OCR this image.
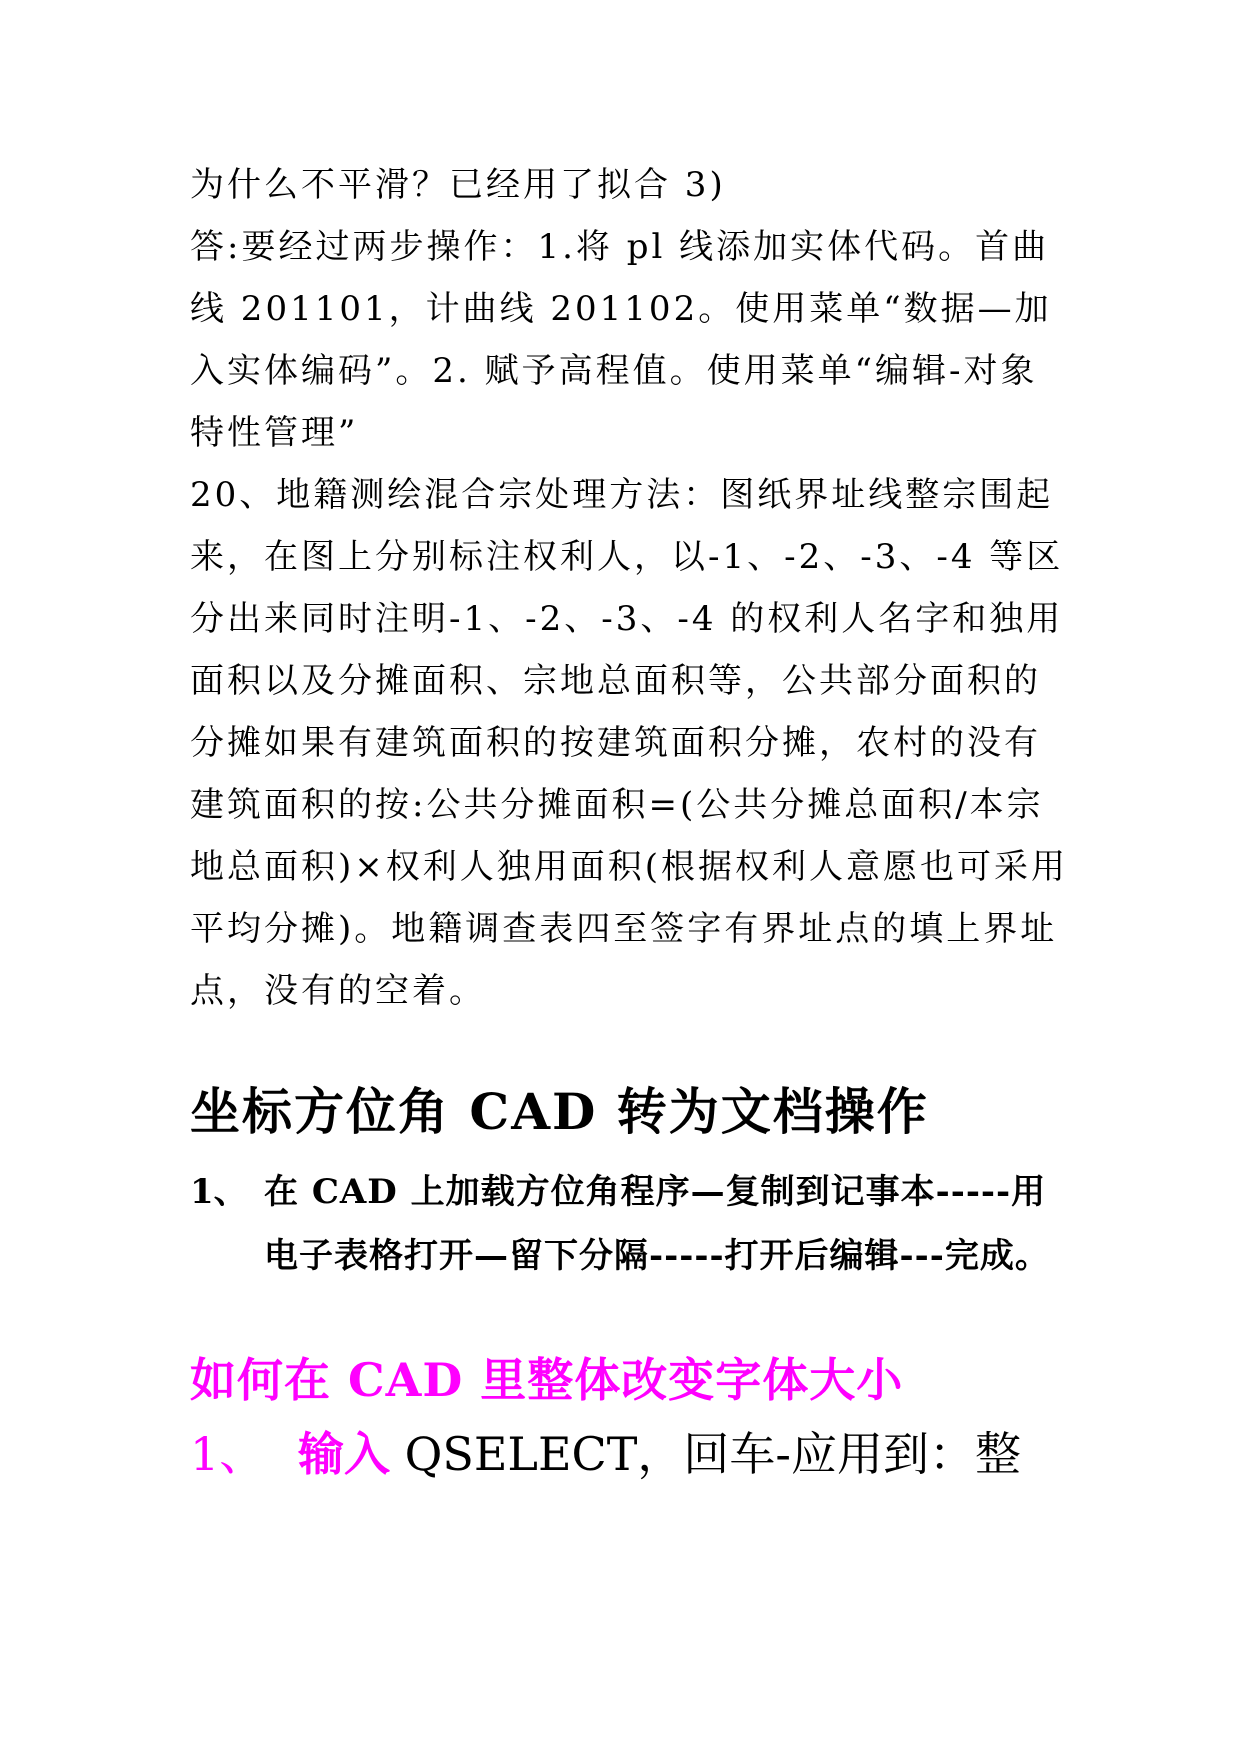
为什么不平滑？已经用了拟合 3)

答:要经过两步操作：1.将 pl 线添加实体代码。首曲线 201101，计曲线 201102。使用菜单“数据—加入实体编码”。2. 赋予高程值。使用菜单“编辑-对象特性管理”

20、地籍测绘混合宗处理方法：图纸界址线整宗围起来，在图上分别标注权利人，以-1、-2、-3、-4 等区分出来同时注明-1、-2、-3、-4 的权利人名字和独用面积以及分摊面积、宗地总面积等，公共部分面积的分摊如果有建筑面积的按建筑面积分摊，农村的没有建筑面积的按:公共分摊面积=(公共分摊总面积/本宗地总面积)×权利人独用面积(根据权利人意愿也可采用平均分摊)。地籍调查表四至签字有界址点的填上界址点，没有的空着。

坐标方位角 CAD 转为文档操作
1、 在 CAD 上加载方位角程序—复制到记事本-----用电子表格打开—留下分隔-----打开后编辑---完成。
如何在 CAD 里整体改变字体大小
1、 输入 QSELECT，回车-应用到：整
